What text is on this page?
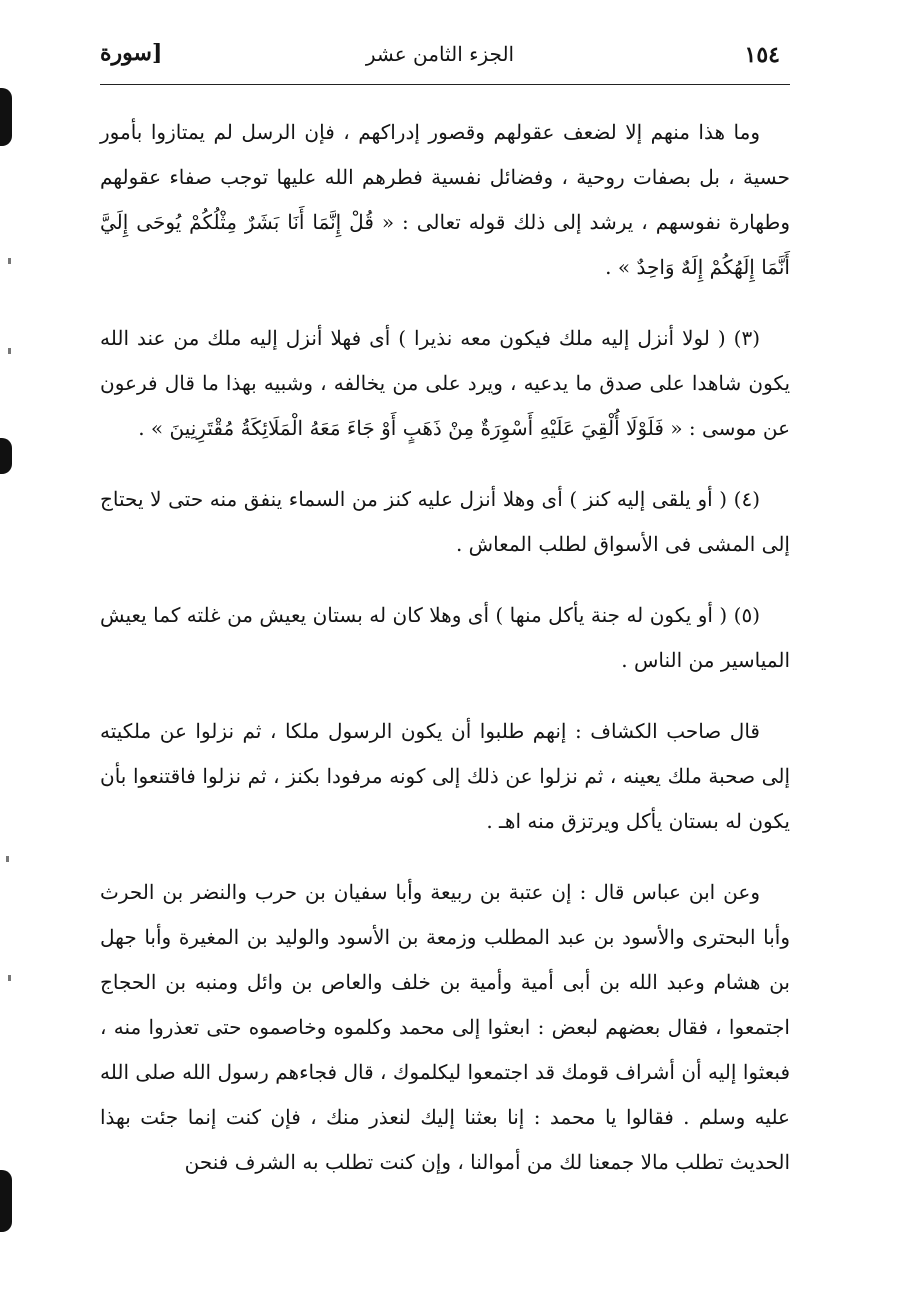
١٥٤
الجزء الثامن عشر
[سورة

وما هذا منهم إلا لضعف عقولهم وقصور إدراكهم ، فإن الرسل لم يمتازوا بأمور حسية ، بل بصفات روحية ، وفضائل نفسية فطرهم الله عليها توجب صفاء عقولهم وطهارة نفوسهم ، يرشد إلى ذلك قوله تعالى : « قُلْ إِنَّمَا أَنَا بَشَرٌ مِثْلُكُمْ يُوحَى إِلَيَّ أَنَّمَا إِلَهُكُمْ إِلَهٌ وَاحِدٌ » .

(٣) ( لولا أنزل إليه ملك فيكون معه نذيرا ) أى فهلا أنزل إليه ملك من عند الله يكون شاهدا على صدق ما يدعيه ، ويرد على من يخالفه ، وشبيه بهذا ما قال فرعون عن موسى : « فَلَوْلَا أُلْقِيَ عَلَيْهِ أَسْوِرَةٌ مِنْ ذَهَبٍ أَوْ جَاءَ مَعَهُ الْمَلَائِكَةُ مُقْتَرِنِينَ » .

(٤) ( أو يلقى إليه كنز ) أى وهلا أنزل عليه كنز من السماء ينفق منه حتى لا يحتاج إلى المشى فى الأسواق لطلب المعاش .

(٥) ( أو يكون له جنة يأكل منها ) أى وهلا كان له بستان يعيش من غلته كما يعيش المياسير من الناس .

قال صاحب الكشاف : إنهم طلبوا أن يكون الرسول ملكا ، ثم نزلوا عن ملكيته إلى صحبة ملك يعينه ، ثم نزلوا عن ذلك إلى كونه مرفودا بكنز ، ثم نزلوا فاقتنعوا بأن يكون له بستان يأكل ويرتزق منه اهـ .

وعن ابن عباس قال : إن عتبة بن ربيعة وأبا سفيان بن حرب والنضر بن الحرث وأبا البحترى والأسود بن عبد المطلب وزمعة بن الأسود والوليد بن المغيرة وأبا جهل بن هشام وعبد الله بن أبى أمية وأمية بن خلف والعاص بن وائل ومنبه بن الحجاج اجتمعوا ، فقال بعضهم لبعض : ابعثوا إلى محمد وكلموه وخاصموه حتى تعذروا منه ، فبعثوا إليه أن أشراف قومك قد اجتمعوا ليكلموك ، قال فجاءهم رسول الله صلى الله عليه وسلم . فقالوا يا محمد : إنا بعثنا إليك لنعذر منك ، فإن كنت إنما جئت بهذا الحديث تطلب مالا جمعنا لك من أموالنا ، وإن كنت تطلب به الشرف فنحن
